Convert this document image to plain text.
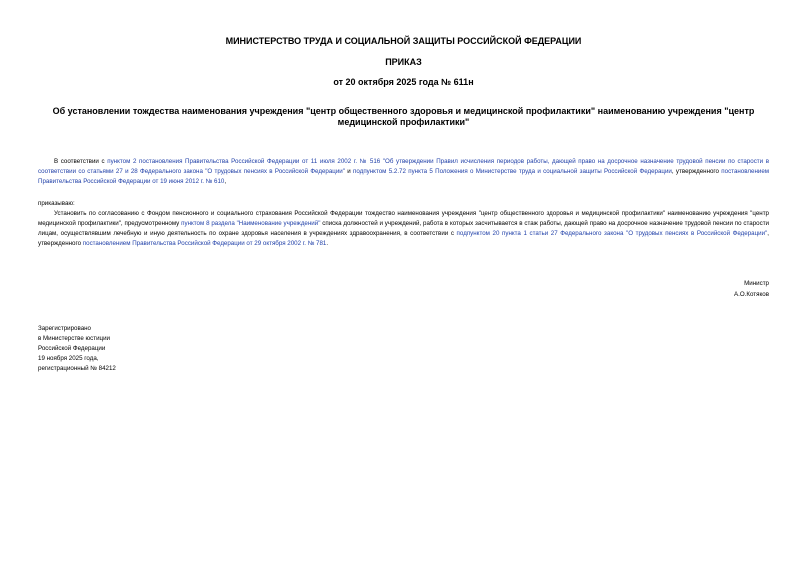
МИНИСТЕРСТВО ТРУДА И СОЦИАЛЬНОЙ ЗАЩИТЫ РОССИЙСКОЙ ФЕДЕРАЦИИ
ПРИКАЗ
от 20 октября 2025 года № 611н
Об установлении тождества наименования учреждения "центр общественного здоровья и медицинской профилактики" наименованию учреждения "центр медицинской профилактики"
В соответствии с пунктом 2 постановления Правительства Российской Федерации от 11 июля 2002 г. № 516 "Об утверждении Правил исчисления периодов работы, дающей право на досрочное назначение трудовой пенсии по старости в соответствии со статьями 27 и 28 Федерального закона "О трудовых пенсиях в Российской Федерации" и подпунктом 5.2.72 пункта 5 Положения о Министерстве труда и социальной защиты Российской Федерации, утвержденного постановлением Правительства Российской Федерации от 19 июня 2012 г. № 610,
приказываю:
Установить по согласованию с Фондом пенсионного и социального страхования Российской Федерации тождество наименования учреждения "центр общественного здоровья и медицинской профилактики" наименованию учреждения "центр медицинской профилактики", предусмотренному пунктом 8 раздела "Наименование учреждений" списка должностей и учреждений, работа в которых засчитывается в стаж работы, дающей право на досрочное назначение трудовой пенсии по старости лицам, осуществлявшим лечебную и иную деятельность по охране здоровья населения в учреждениях здравоохранения, в соответствии с подпунктом 20 пункта 1 статьи 27 Федерального закона "О трудовых пенсиях в Российской Федерации", утвержденного постановлением Правительства Российской Федерации от 29 октября 2002 г. № 781.
Министр
А.О.Котяков
Зарегистрировано
в Министерстве юстиции
Российской Федерации
19 ноября 2025 года,
регистрационный № 84212
